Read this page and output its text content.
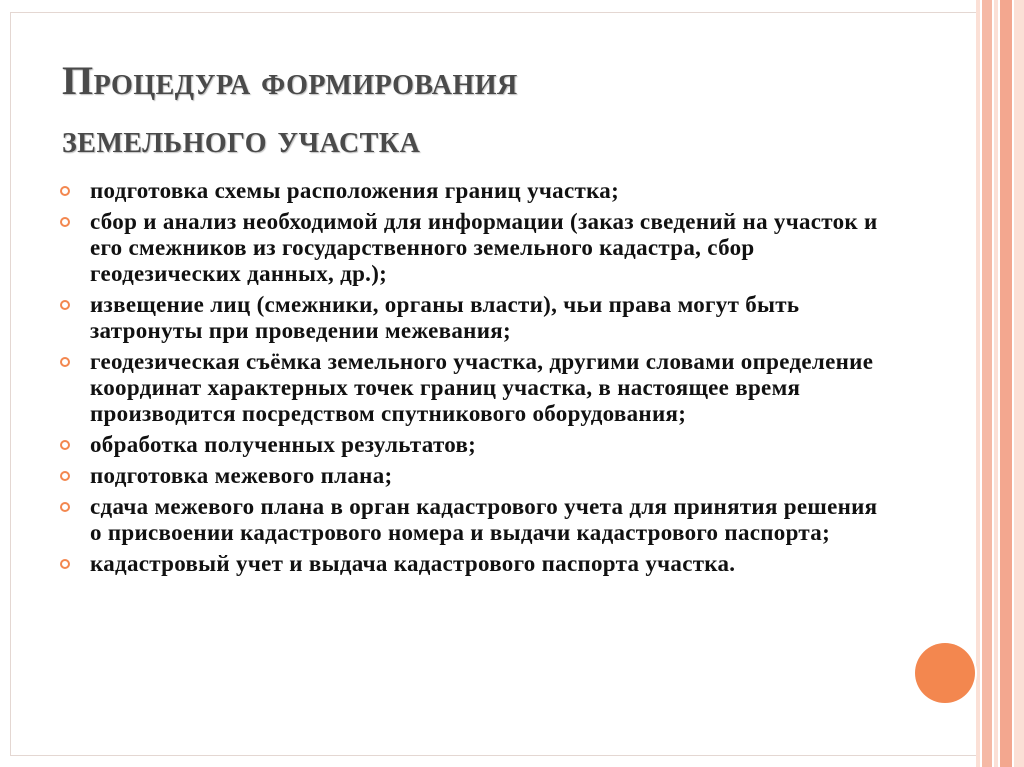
Процедура формирования
земельного участка
подготовка схемы расположения границ участка;
сбор и анализ необходимой для информации (заказ сведений на участок и его смежников из государственного земельного кадастра, сбор геодезических данных, др.);
извещение лиц (смежники, органы власти), чьи права могут быть затронуты при проведении межевания;
геодезическая съёмка земельного участка, другими словами определение координат характерных точек границ участка, в настоящее время производится посредством спутникового оборудования;
обработка полученных результатов;
подготовка межевого плана;
сдача межевого плана в орган кадастрового учета для принятия решения о присвоении кадастрового номера и выдачи кадастрового паспорта;
кадастровый учет и выдача кадастрового паспорта участка.
